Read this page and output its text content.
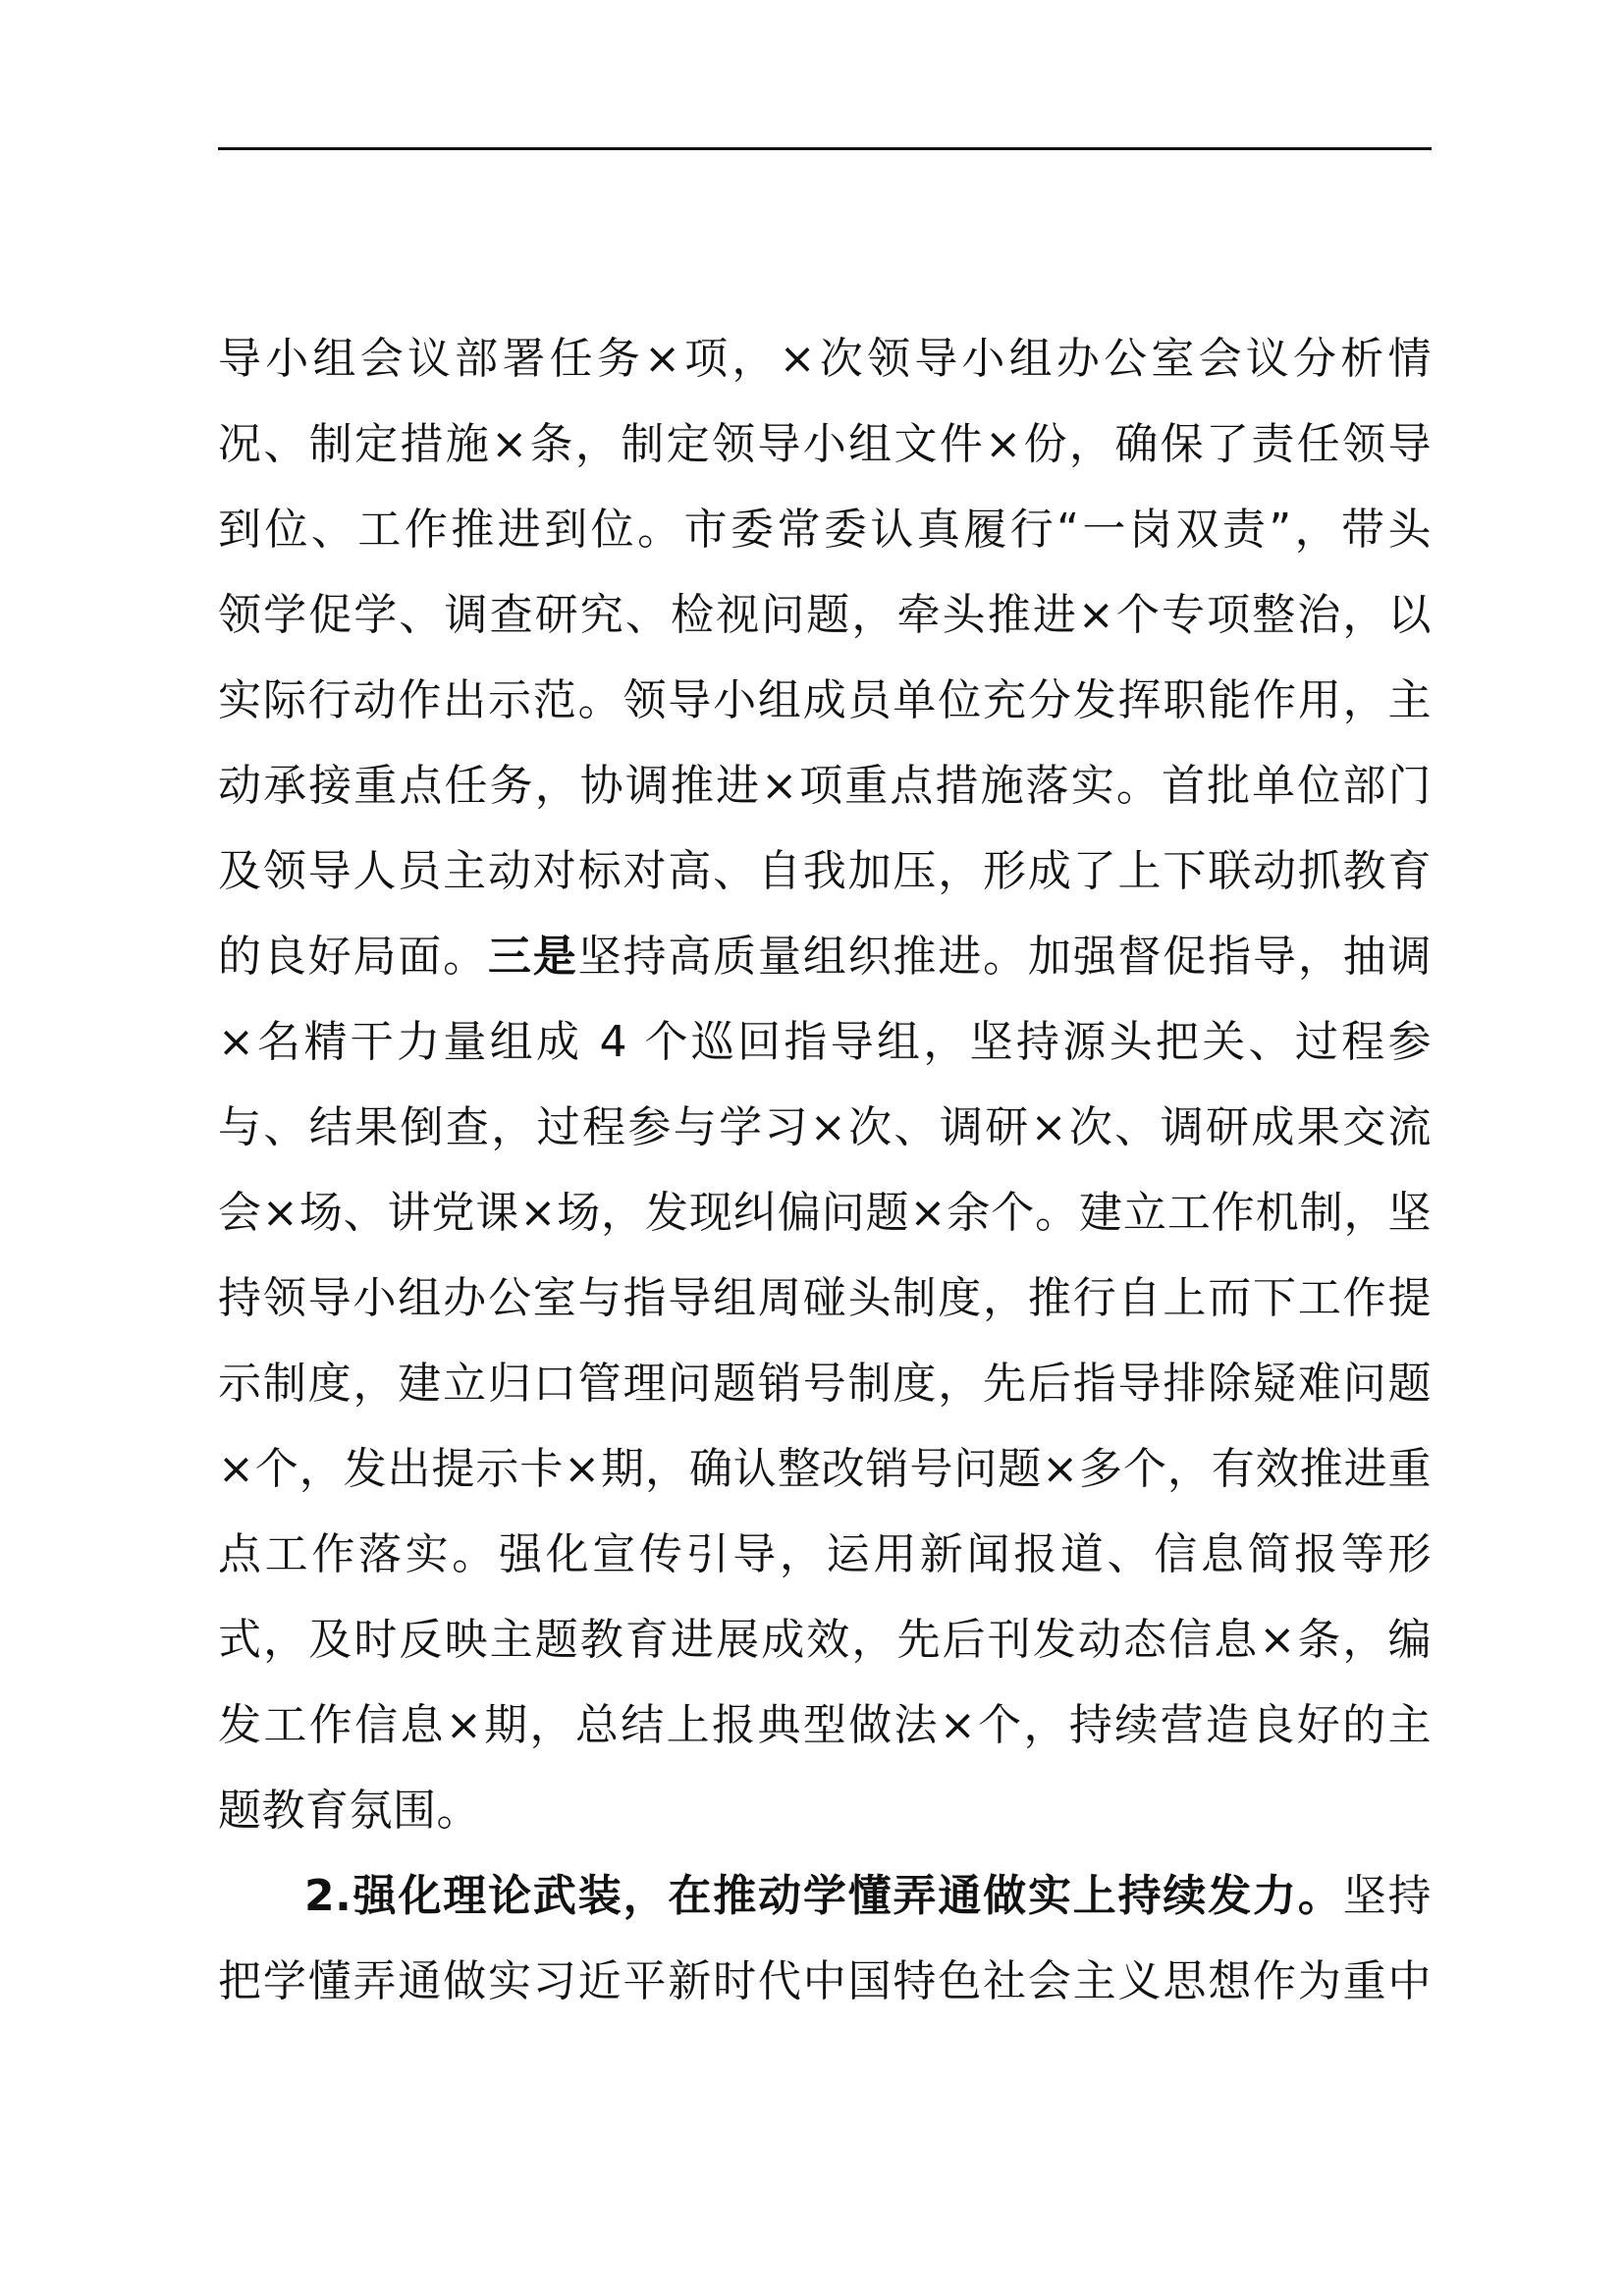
导小组会议部署任务×项，×次领导小组办公室会议分析情
况、制定措施×条，制定领导小组文件×份，确保了责任领导
到位、工作推进到位。市委常委认真履行“一岗双责”，带头
领学促学、调查研究、检视问题，牵头推进×个专项整治，以
实际行动作出示范。领导小组成员单位充分发挥职能作用，主
动承接重点任务，协调推进×项重点措施落实。首批单位部门
及领导人员主动对标对高、自我加压，形成了上下联动抓教育
的良好局面。三是坚持高质量组织推进。加强督促指导，抽调
×名精干力量组成 4 个巡回指导组，坚持源头把关、过程参
与、结果倒查，过程参与学习×次、调研×次、调研成果交流
会×场、讲党课×场，发现纠偏问题×余个。建立工作机制，坚
持领导小组办公室与指导组周碰头制度，推行自上而下工作提
示制度，建立归口管理问题销号制度，先后指导排除疑难问题
×个，发出提示卡×期，确认整改销号问题×多个，有效推进重
点工作落实。强化宣传引导，运用新闻报道、信息简报等形
式，及时反映主题教育进展成效，先后刊发动态信息×条，编
发工作信息×期，总结上报典型做法×个，持续营造良好的主
题教育氛围。
2.强化理论武装，在推动学懂弄通做实上持续发力。坚持
把学懂弄通做实习近平新时代中国特色社会主义思想作为重中
